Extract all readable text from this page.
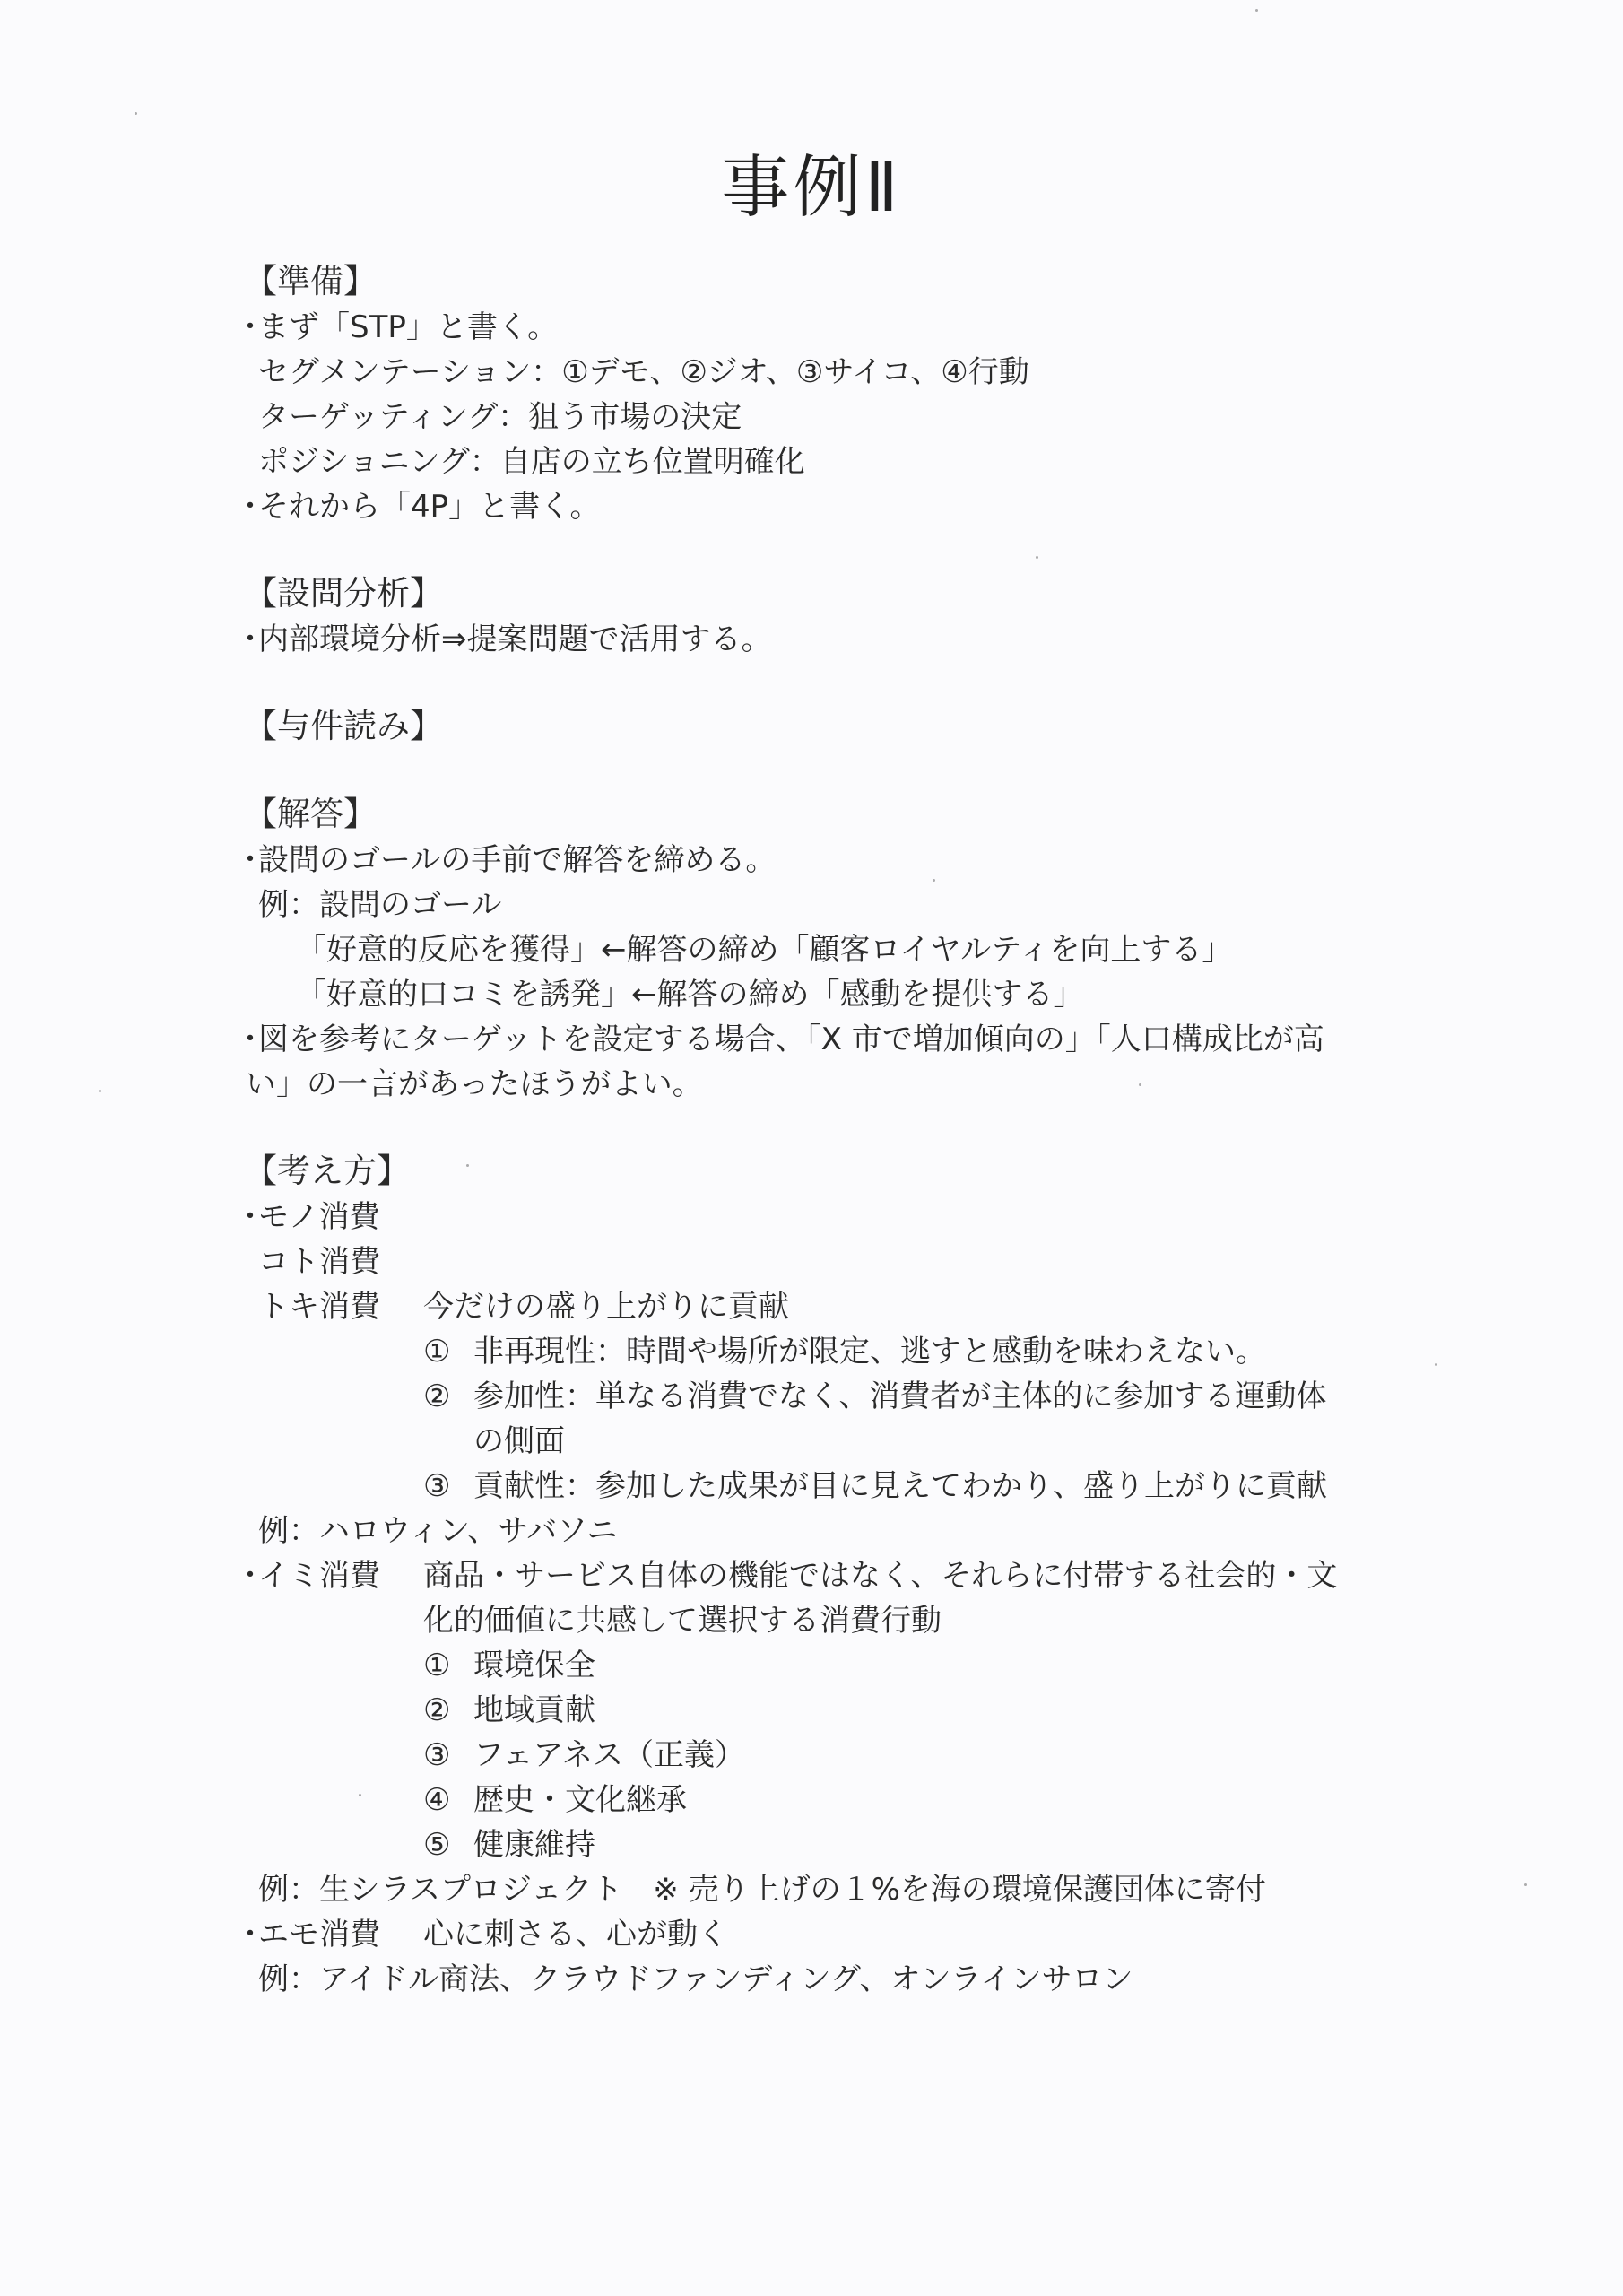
事例Ⅱ
【準備】
・
まず「STP」と書く。
セグメンテーション：①デモ、②ジオ、③サイコ、④行動
ターゲッティング：狙う市場の決定
ポジショニング：自店の立ち位置明確化
・
それから「4P」と書く。
【設問分析】
・
内部環境分析⇒提案問題で活用する。
【与件読み】
【解答】
・
設問のゴールの手前で解答を締める。
例：設問のゴール
「好意的反応を獲得」←解答の締め「顧客ロイヤルティを向上する」
「好意的口コミを誘発」←解答の締め「感動を提供する」
・
図を参考にターゲットを設定する場合、「X 市で増加傾向の」「人口構成比が高
い」の一言があったほうがよい。
【考え方】
・
モノ消費
コト消費
トキ消費 今だけの盛り上がりに貢献
① 非再現性：時間や場所が限定、逃すと感動を味わえない。
② 参加性：単なる消費でなく、消費者が主体的に参加する運動体
の側面
③ 貢献性：参加した成果が目に見えてわかり、盛り上がりに貢献
例：ハロウィン、サバソニ
・
イミ消費 商品・サービス自体の機能ではなく、それらに付帯する社会的・文
化的価値に共感して選択する消費行動
① 環境保全
② 地域貢献
③ フェアネス（正義）
④ 歴史・文化継承
⑤ 健康維持
例：生シラスプロジェクト　※ 売り上げの１%を海の環境保護団体に寄付
・
エモ消費 心に刺さる、心が動く
例：アイドル商法、クラウドファンディング、オンラインサロン
